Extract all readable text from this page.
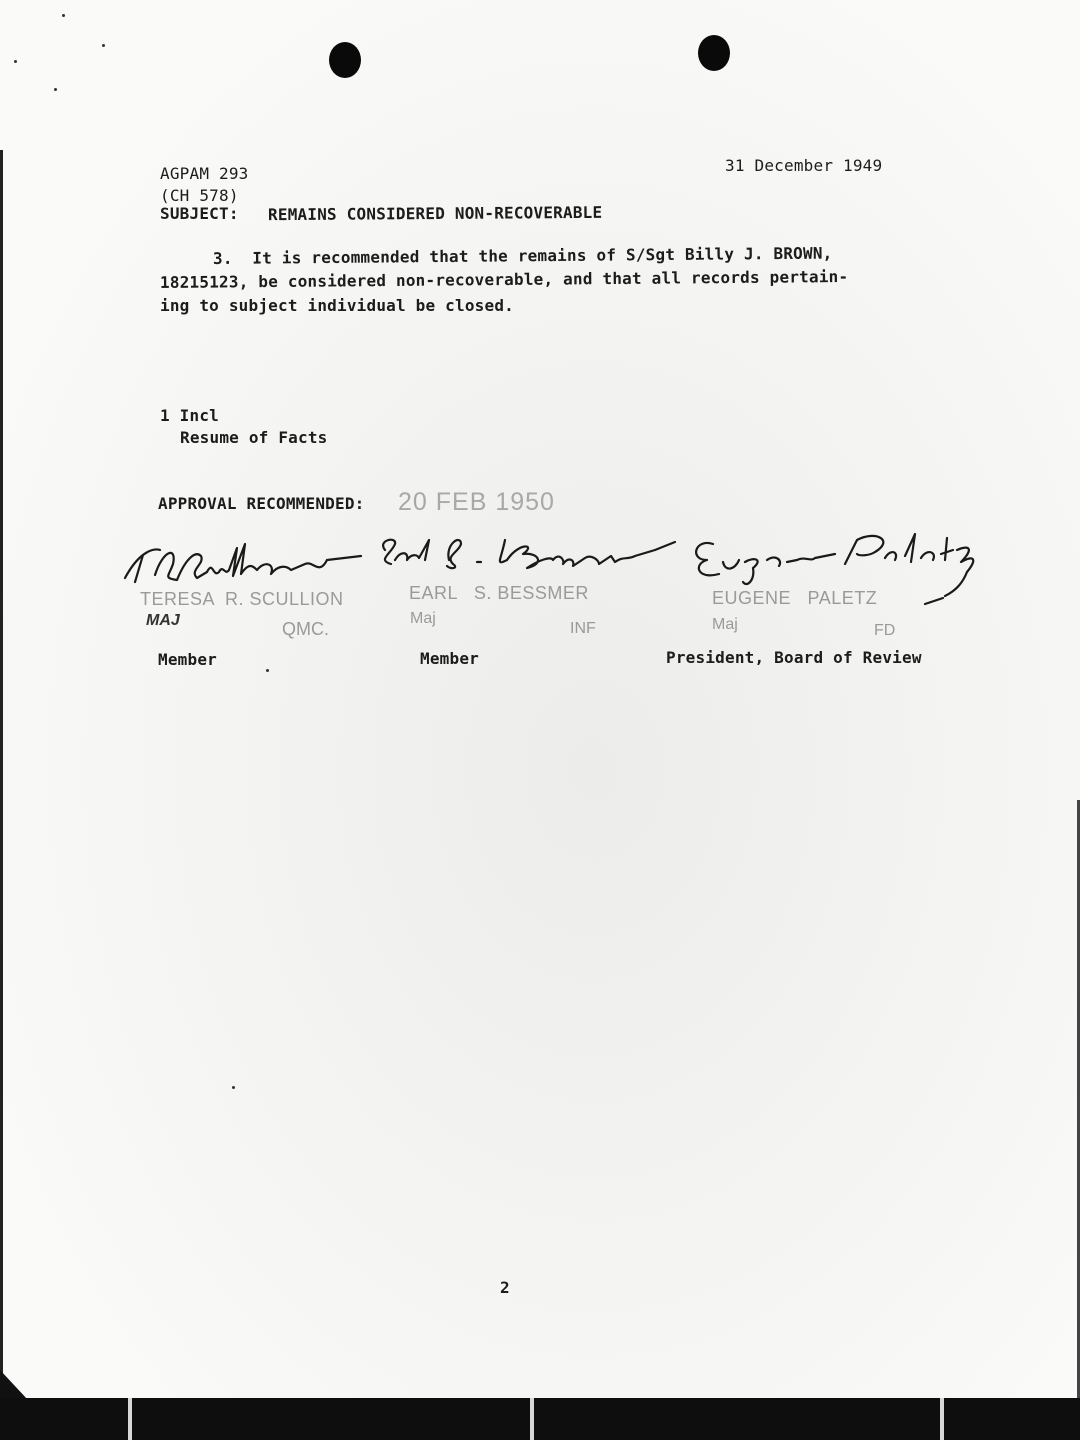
AGPAM 293
(CH 578)
SUBJECT: REMAINS CONSIDERED NON-RECOVERABLE
31 December 1949
3.  It is recommended that the remains of S/Sgt Billy J. BROWN,
18215123, be considered non-recoverable, and that all records pertain-
ing to subject individual be closed.
1 Incl
Resume of Facts
APPROVAL RECOMMENDED: 20 FEB 1950
TERESA  R. SCULLION
MAJ	QMC.
Member
EARL   S. BESSMER
Maj
INF
Member
EUGENE   PALETZ
Maj	FD
President, Board of Review
2
